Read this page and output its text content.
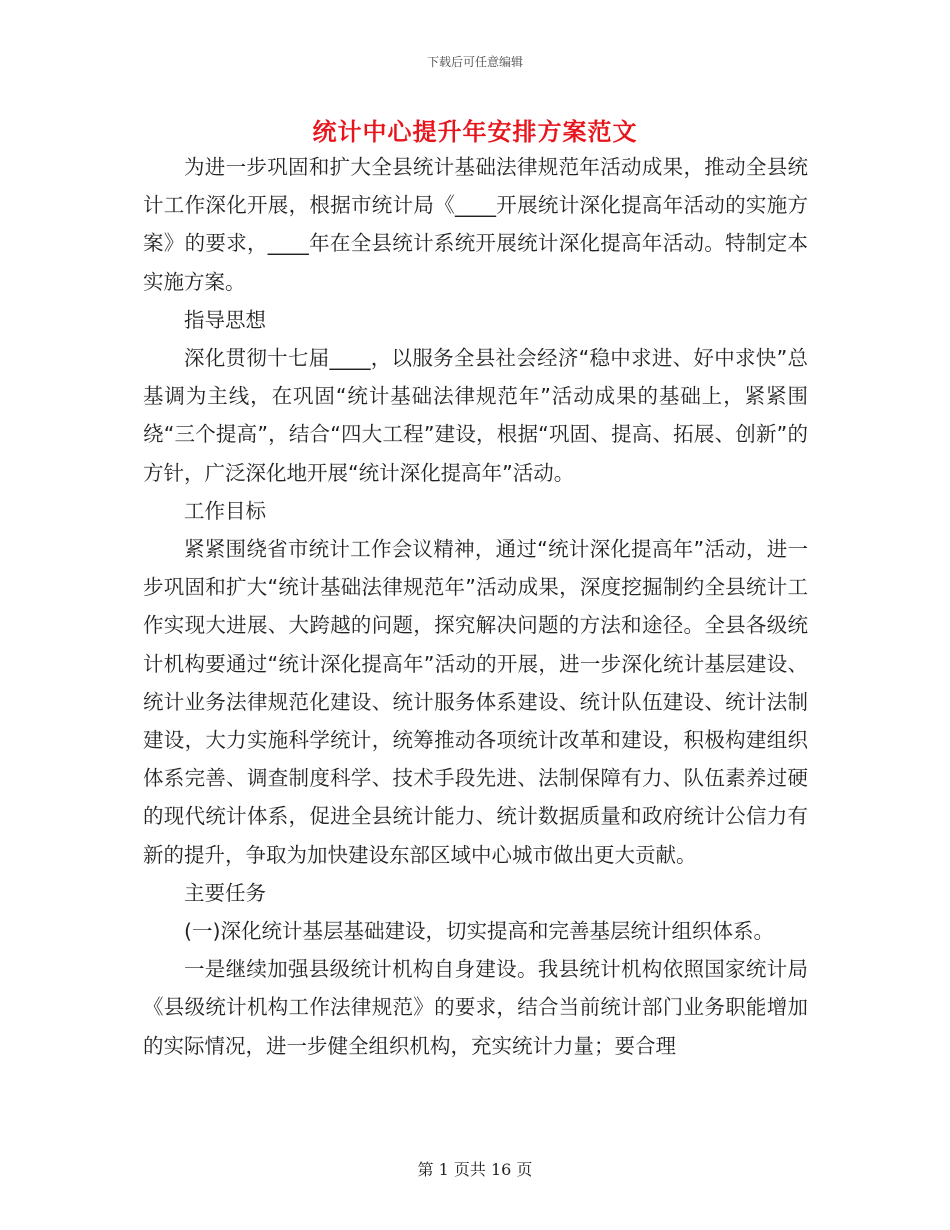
下载后可任意编辑
统计中心提升年安排方案范文

为进一步巩固和扩大全县统计基础法律规范年活动成果，推动全县统计工作深化开展，根据市统计局《____开展统计深化提高年活动的实施方案》的要求，____年在全县统计系统开展统计深化提高年活动。特制定本实施方案。

指导思想

深化贯彻十七届____，以服务全县社会经济“稳中求进、好中求快”总基调为主线，在巩固“统计基础法律规范年”活动成果的基础上，紧紧围绕“三个提高”，结合“四大工程”建设，根据“巩固、提高、拓展、创新”的方针，广泛深化地开展“统计深化提高年”活动。

工作目标

紧紧围绕省市统计工作会议精神，通过“统计深化提高年”活动，进一步巩固和扩大“统计基础法律规范年”活动成果，深度挖掘制约全县统计工作实现大进展、大跨越的问题，探究解决问题的方法和途径。全县各级统计机构要通过“统计深化提高年”活动的开展，进一步深化统计基层建设、统计业务法律规范化建设、统计服务体系建设、统计队伍建设、统计法制建设，大力实施科学统计，统筹推动各项统计改革和建设，积极构建组织体系完善、调查制度科学、技术手段先进、法制保障有力、队伍素养过硬的现代统计体系，促进全县统计能力、统计数据质量和政府统计公信力有新的提升，争取为加快建设东部区域中心城市做出更大贡献。

主要任务

(一)深化统计基层基础建设，切实提高和完善基层统计组织体系。

一是继续加强县级统计机构自身建设。我县统计机构依照国家统计局《县级统计机构工作法律规范》的要求，结合当前统计部门业务职能增加的实际情况，进一步健全组织机构，充实统计力量；要合理

第 1 页共 16 页
